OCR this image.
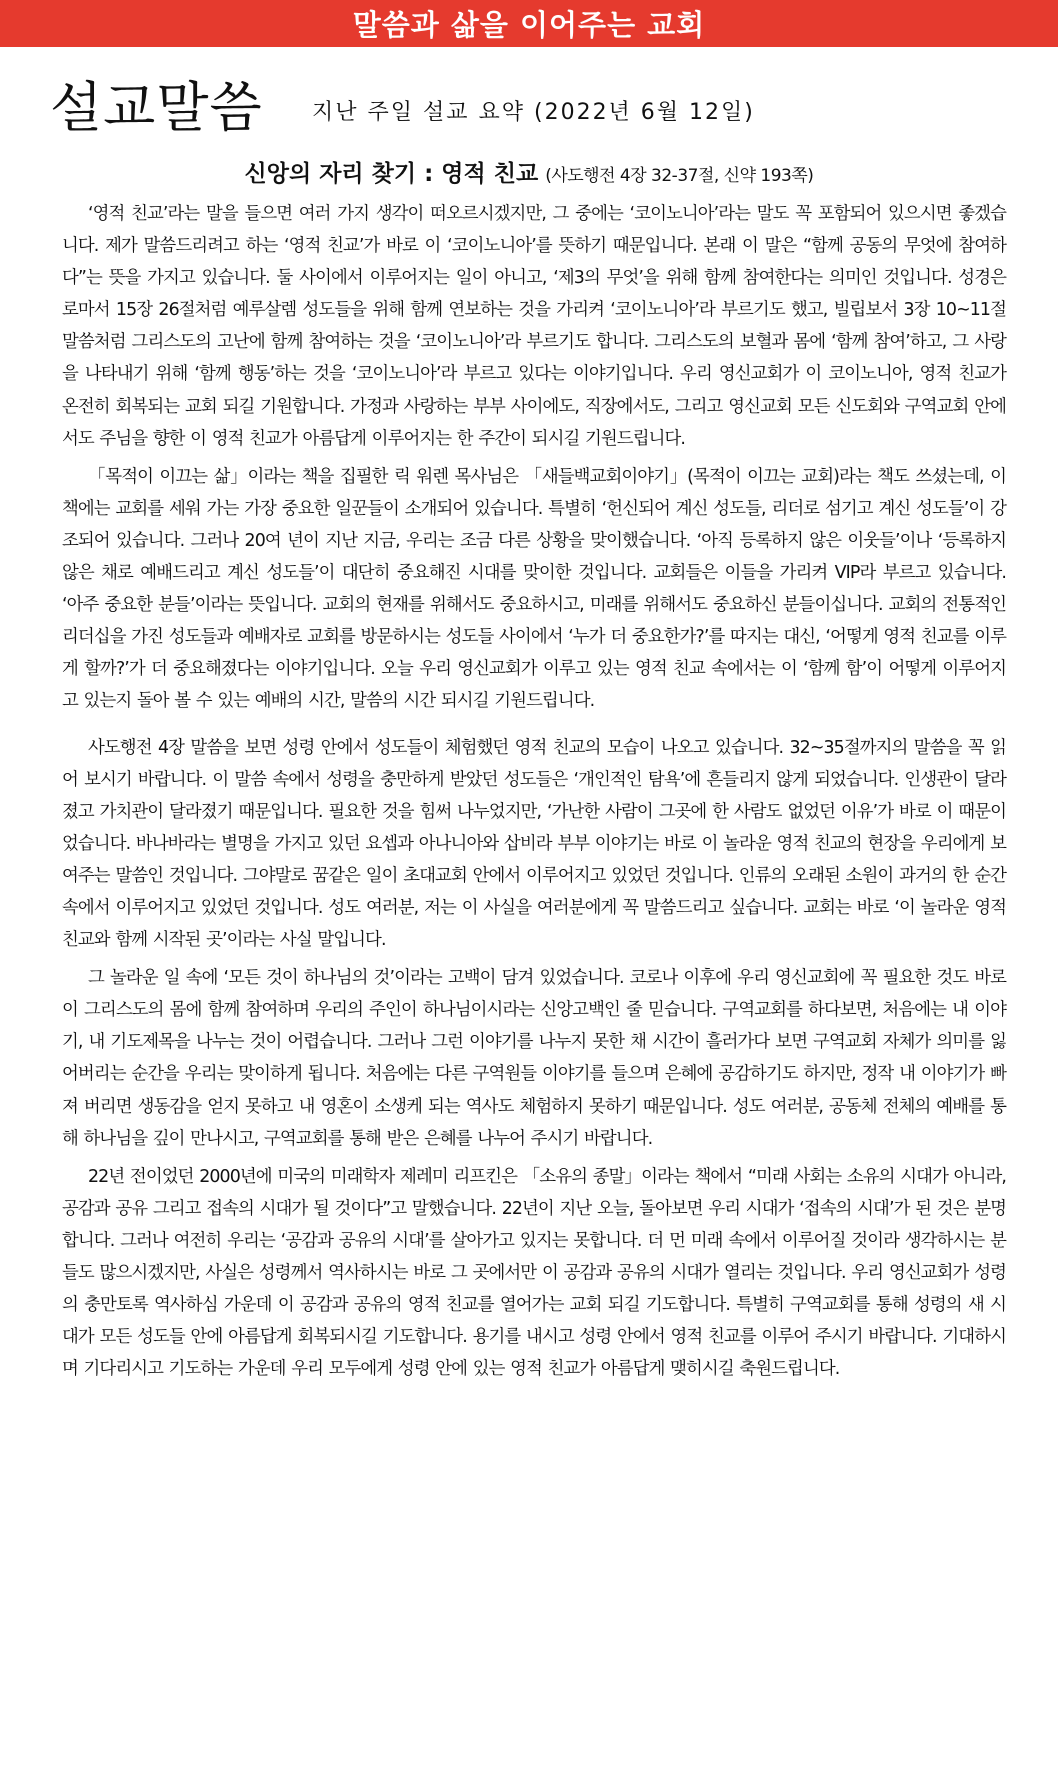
말씀과 삶을 이어주는 교회
설교말씀 지난 주일 설교 요약 (2022년 6월 12일)
신앙의 자리 찾기 : 영적 친교 (사도행전 4장 32-37절, 신약 193쪽)

‘영적 친교’라는 말을 들으면 여러 가지 생각이 떠오르시겠지만, 그 중에는 ‘코이노니아’라는 말도 꼭 포함되어 있으시면 좋겠습니다. 제가 말씀드리려고 하는 ‘영적 친교’가 바로 이 ‘코이노니아’를 뜻하기 때문입니다. 본래 이 말은 “함께 공동의 무엇에 참여하다”는 뜻을 가지고 있습니다. 둘 사이에서 이루어지는 일이 아니고, ‘제3의 무엇’을 위해 함께 참여한다는 의미인 것입니다. 성경은 로마서 15장 26절처럼 예루살렘 성도들을 위해 함께 연보하는 것을 가리켜 ‘코이노니아’라 부르기도 했고, 빌립보서 3장 10~11절 말씀처럼 그리스도의 고난에 함께 참여하는 것을 ‘코이노니아’라 부르기도 합니다. 그리스도의 보혈과 몸에 ‘함께 참여’하고, 그 사랑을 나타내기 위해 ‘함께 행동’하는 것을 ‘코이노니아’라 부르고 있다는 이야기입니다. 우리 영신교회가 이 코이노니아, 영적 친교가 온전히 회복되는 교회 되길 기원합니다. 가정과 사랑하는 부부 사이에도, 직장에서도, 그리고 영신교회 모든 신도회와 구역교회 안에서도 주님을 향한 이 영적 친교가 아름답게 이루어지는 한 주간이 되시길 기원드립니다.

「목적이 이끄는 삶」이라는 책을 집필한 릭 워렌 목사님은 「새들백교회이야기」(목적이 이끄는 교회)라는 책도 쓰셨는데, 이 책에는 교회를 세워 가는 가장 중요한 일꾼들이 소개되어 있습니다. 특별히 ‘헌신되어 계신 성도들, 리더로 섬기고 계신 성도들’이 강조되어 있습니다. 그러나 20여 년이 지난 지금, 우리는 조금 다른 상황을 맞이했습니다. ‘아직 등록하지 않은 이웃들’이나 ‘등록하지 않은 채로 예배드리고 계신 성도들’이 대단히 중요해진 시대를 맞이한 것입니다. 교회들은 이들을 가리켜 VIP라 부르고 있습니다. ‘아주 중요한 분들’이라는 뜻입니다. 교회의 현재를 위해서도 중요하시고, 미래를 위해서도 중요하신 분들이십니다. 교회의 전통적인 리더십을 가진 성도들과 예배자로 교회를 방문하시는 성도들 사이에서 ‘누가 더 중요한가?’를 따지는 대신, ‘어떻게 영적 친교를 이루게 할까?’가 더 중요해졌다는 이야기입니다. 오늘 우리 영신교회가 이루고 있는 영적 친교 속에서는 이 ‘함께 함’이 어떻게 이루어지고 있는지 돌아 볼 수 있는 예배의 시간, 말씀의 시간 되시길 기원드립니다.

사도행전 4장 말씀을 보면 성령 안에서 성도들이 체험했던 영적 친교의 모습이 나오고 있습니다. 32~35절까지의 말씀을 꼭 읽어 보시기 바랍니다. 이 말씀 속에서 성령을 충만하게 받았던 성도들은 ‘개인적인 탐욕’에 흔들리지 않게 되었습니다. 인생관이 달라졌고 가치관이 달라졌기 때문입니다. 필요한 것을 힘써 나누었지만, ‘가난한 사람이 그곳에 한 사람도 없었던 이유’가 바로 이 때문이었습니다. 바나바라는 별명을 가지고 있던 요셉과 아나니아와 삽비라 부부 이야기는 바로 이 놀라운 영적 친교의 현장을 우리에게 보여주는 말씀인 것입니다. 그야말로 꿈같은 일이 초대교회 안에서 이루어지고 있었던 것입니다. 인류의 오래된 소원이 과거의 한 순간 속에서 이루어지고 있었던 것입니다. 성도 여러분, 저는 이 사실을 여러분에게 꼭 말씀드리고 싶습니다. 교회는 바로 ‘이 놀라운 영적 친교와 함께 시작된 곳’이라는 사실 말입니다.

그 놀라운 일 속에 ‘모든 것이 하나님의 것’이라는 고백이 담겨 있었습니다. 코로나 이후에 우리 영신교회에 꼭 필요한 것도 바로 이 그리스도의 몸에 함께 참여하며 우리의 주인이 하나님이시라는 신앙고백인 줄 믿습니다. 구역교회를 하다보면, 처음에는 내 이야기, 내 기도제목을 나누는 것이 어렵습니다. 그러나 그런 이야기를 나누지 못한 채 시간이 흘러가다 보면 구역교회 자체가 의미를 잃어버리는 순간을 우리는 맞이하게 됩니다. 처음에는 다른 구역원들 이야기를 들으며 은혜에 공감하기도 하지만, 정작 내 이야기가 빠져 버리면 생동감을 얻지 못하고 내 영혼이 소생케 되는 역사도 체험하지 못하기 때문입니다. 성도 여러분, 공동체 전체의 예배를 통해 하나님을 깊이 만나시고, 구역교회를 통해 받은 은혜를 나누어 주시기 바랍니다.

22년 전이었던 2000년에 미국의 미래학자 제레미 리프킨은 「소유의 종말」이라는 책에서 “미래 사회는 소유의 시대가 아니라, 공감과 공유 그리고 접속의 시대가 될 것이다”고 말했습니다. 22년이 지난 오늘, 돌아보면 우리 시대가 ‘접속의 시대’가 된 것은 분명합니다. 그러나 여전히 우리는 ‘공감과 공유의 시대’를 살아가고 있지는 못합니다. 더 먼 미래 속에서 이루어질 것이라 생각하시는 분들도 많으시겠지만, 사실은 성령께서 역사하시는 바로 그 곳에서만 이 공감과 공유의 시대가 열리는 것입니다. 우리 영신교회가 성령의 충만토록 역사하심 가운데 이 공감과 공유의 영적 친교를 열어가는 교회 되길 기도합니다. 특별히 구역교회를 통해 성령의 새 시대가 모든 성도들 안에 아름답게 회복되시길 기도합니다. 용기를 내시고 성령 안에서 영적 친교를 이루어 주시기 바랍니다. 기대하시며 기다리시고 기도하는 가운데 우리 모두에게 성령 안에 있는 영적 친교가 아름답게 맺히시길 축원드립니다.
